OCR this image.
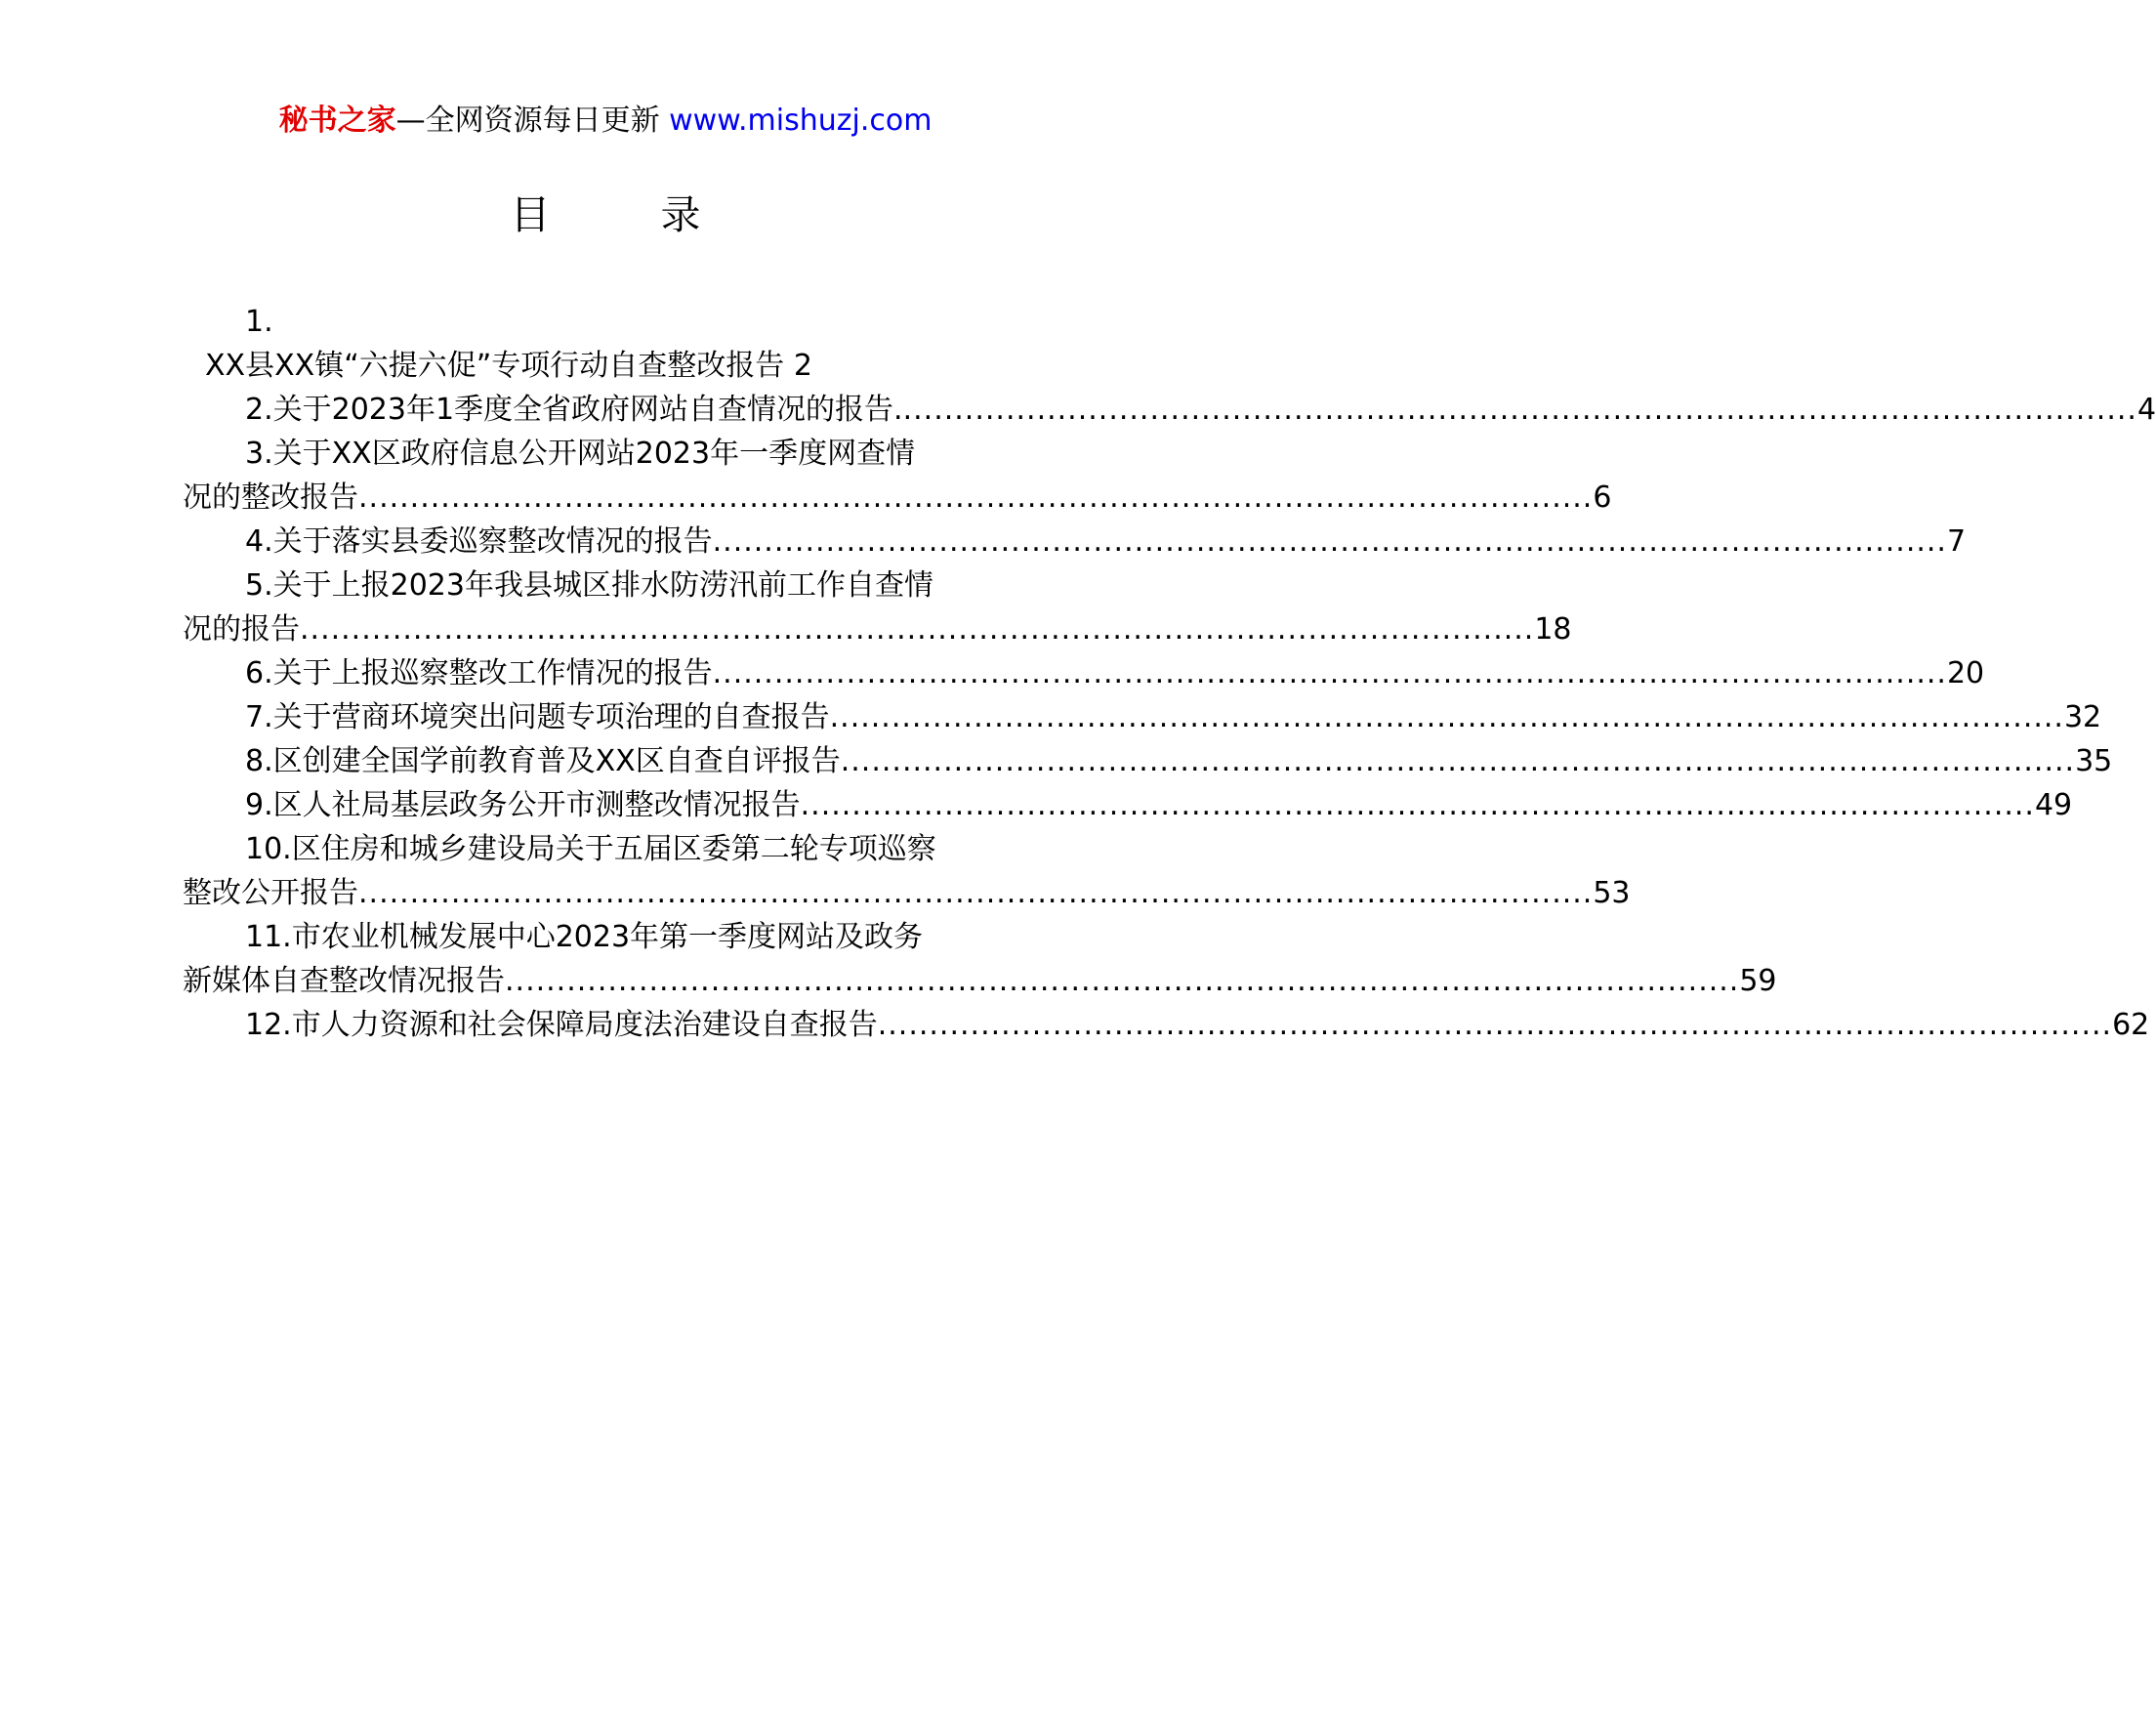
秘书之家—全网资源每日更新 www.mishuzj.com
目 录
1.
XX县XX镇“六提六促”专项行动自查整改报告 2
2.关于2023年1季度全省政府网站自查情况的报告. ........................................................................................................................ 4
3.关于XX区政府信息公开网站2023年一季度网查情
况的整改报告 ........................................................................................................................ 6
4.关于落实县委巡察整改情况的报告 ........................................................................................................................ 7
5.关于上报2023年我县城区排水防涝汛前工作自查情
况的报告 ........................................................................................................................ 18
6.关于上报巡察整改工作情况的报告 ........................................................................................................................ 20
7.关于营商环境突出问题专项治理的自查报告 ........................................................................................................................ 32
8.区创建全国学前教育普及XX区自查自评报告 ........................................................................................................................ 35
9.区人社局基层政务公开市测整改情况报告 ........................................................................................................................ 49
10.区住房和城乡建设局关于五届区委第二轮专项巡察
整改公开报告 ........................................................................................................................ 53
11.市农业机械发展中心2023年第一季度网站及政务
新媒体自查整改情况报告 ........................................................................................................................ 59
12.市人力资源和社会保障局度法治建设自查报告 ........................................................................................................................ 62
